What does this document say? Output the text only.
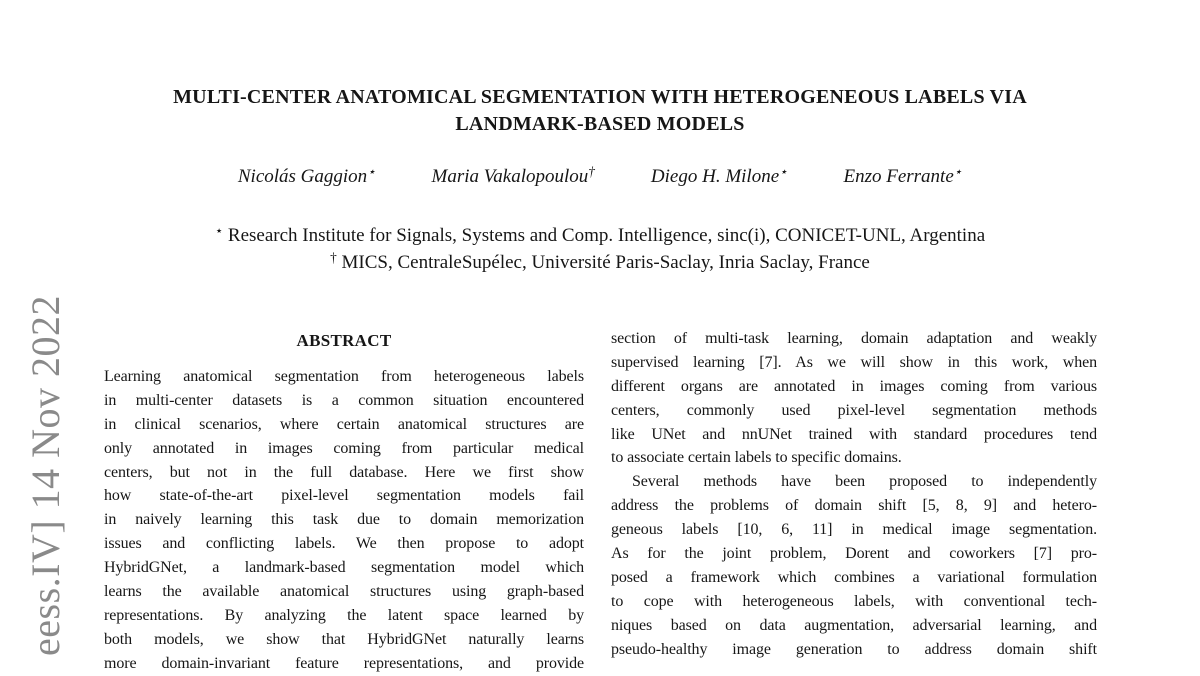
eess.IV] 14 Nov 2022
MULTI-CENTER ANATOMICAL SEGMENTATION WITH HETEROGENEOUS LABELS VIA
LANDMARK-BASED MODELS
Nicolás Gaggion⋆	Maria Vakalopoulou†	Diego H. Milone⋆	Enzo Ferrante⋆
⋆ Research Institute for Signals, Systems and Comp. Intelligence, sinc(i), CONICET-UNL, Argentina
† MICS, CentraleSupélec, Université Paris-Saclay, Inria Saclay, France
ABSTRACT
Learning anatomical segmentation from heterogeneous labels
in multi-center datasets is a common situation encountered
in clinical scenarios, where certain anatomical structures are
only annotated in images coming from particular medical
centers, but not in the full database. Here we first show
how state-of-the-art pixel-level segmentation models fail
in naively learning this task due to domain memorization
issues and conflicting labels. We then propose to adopt
HybridGNet, a landmark-based segmentation model which
learns the available anatomical structures using graph-based
representations. By analyzing the latent space learned by
both models, we show that HybridGNet naturally learns
more domain-invariant feature representations, and provide
section of multi-task learning, domain adaptation and weakly
supervised learning [7]. As we will show in this work, when
different organs are annotated in images coming from various
centers, commonly used pixel-level segmentation methods
like UNet and nnUNet trained with standard procedures tend
to associate certain labels to specific domains.
Several methods have been proposed to independently
address the problems of domain shift [5, 8, 9] and hetero-
geneous labels [10, 6, 11] in medical image segmentation.
As for the joint problem, Dorent and coworkers [7] pro-
posed a framework which combines a variational formulation
to cope with heterogeneous labels, with conventional tech-
niques based on data augmentation, adversarial learning, and
pseudo-healthy image generation to address domain shift
